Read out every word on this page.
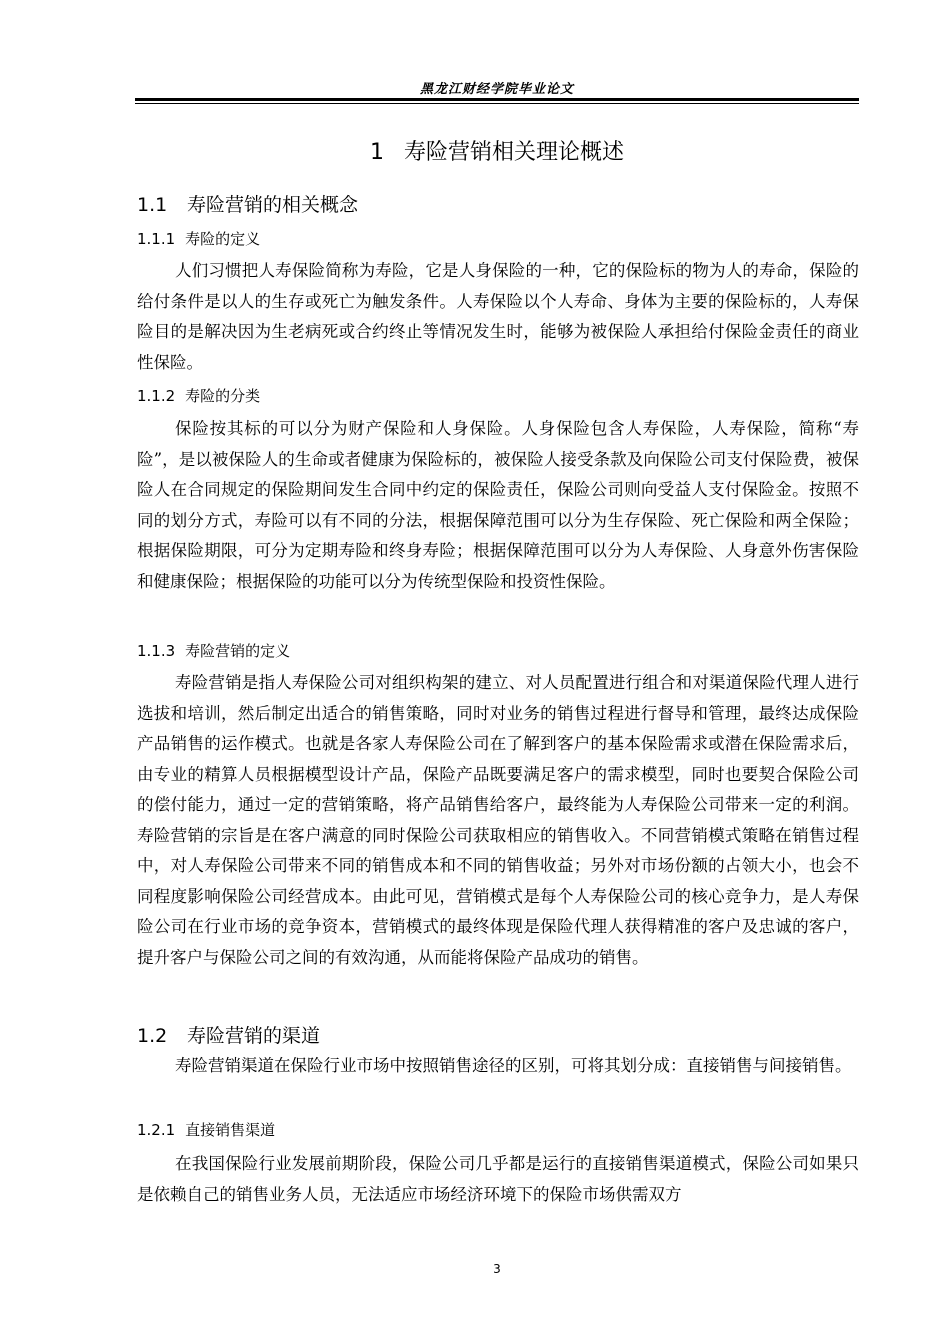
黑龙江财经学院毕业论文
1 寿险营销相关理论概述
1.1 寿险营销的相关概念
1.1.1 寿险的定义

人们习惯把人寿保险简称为寿险，它是人身保险的一种，它的保险标的物为人的寿命，保险的给付条件是以人的生存或死亡为触发条件。人寿保险以个人寿命、身体为主要的保险标的，人寿保险目的是解决因为生老病死或合约终止等情况发生时，能够为被保险人承担给付保险金责任的商业性保险。

1.1.2 寿险的分类

保险按其标的可以分为财产保险和人身保险。人身保险包含人寿保险，人寿保险，简称“寿险”，是以被保险人的生命或者健康为保险标的，被保险人接受条款及向保险公司支付保险费，被保险人在合同规定的保险期间发生合同中约定的保险责任，保险公司则向受益人支付保险金。按照不同的划分方式，寿险可以有不同的分法，根据保障范围可以分为生存保险、死亡保险和两全保险；根据保险期限，可分为定期寿险和终身寿险；根据保障范围可以分为人寿保险、人身意外伤害保险和健康保险；根据保险的功能可以分为传统型保险和投资性保险。

1.1.3 寿险营销的定义

寿险营销是指人寿保险公司对组织构架的建立、对人员配置进行组合和对渠道保险代理人进行选拔和培训，然后制定出适合的销售策略，同时对业务的销售过程进行督导和管理，最终达成保险产品销售的运作模式。也就是各家人寿保险公司在了解到客户的基本保险需求或潜在保险需求后，由专业的精算人员根据模型设计产品，保险产品既要满足客户的需求模型，同时也要契合保险公司的偿付能力，通过一定的营销策略，将产品销售给客户，最终能为人寿保险公司带来一定的利润。寿险营销的宗旨是在客户满意的同时保险公司获取相应的销售收入。不同营销模式策略在销售过程中，对人寿保险公司带来不同的销售成本和不同的销售收益；另外对市场份额的占领大小，也会不同程度影响保险公司经营成本。由此可见，营销模式是每个人寿保险公司的核心竞争力，是人寿保险公司在行业市场的竞争资本，营销模式的最终体现是保险代理人获得精准的客户及忠诚的客户，提升客户与保险公司之间的有效沟通，从而能将保险产品成功的销售。

1.2 寿险营销的渠道

寿险营销渠道在保险行业市场中按照销售途径的区别，可将其划分成：直接销售与间接销售。

1.2.1 直接销售渠道

在我国保险行业发展前期阶段，保险公司几乎都是运行的直接销售渠道模式，保险公司如果只是依赖自己的销售业务人员，无法适应市场经济环境下的保险市场供需双方

3
